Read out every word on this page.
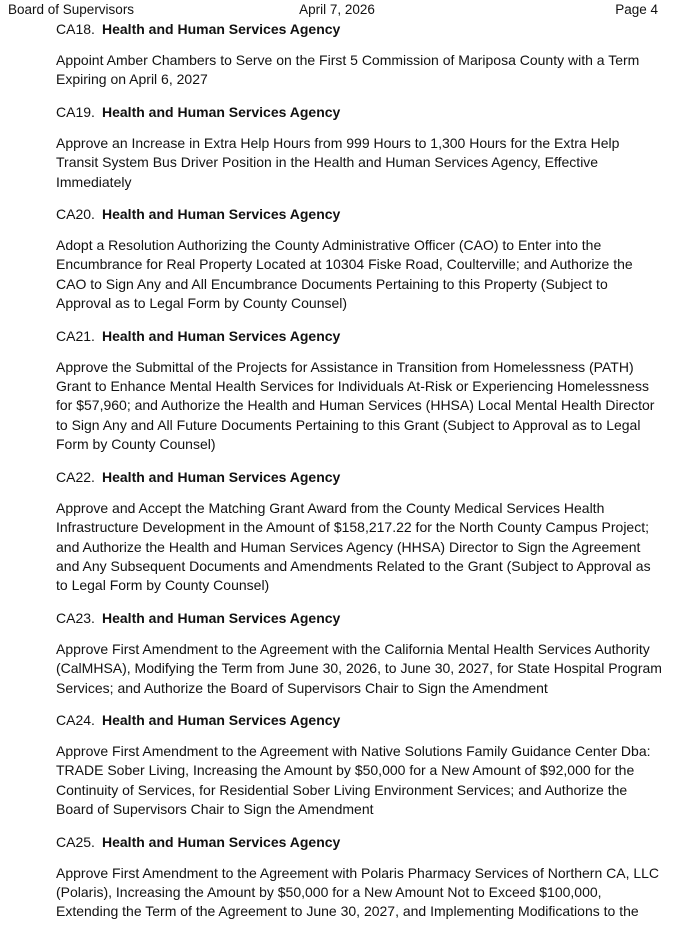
Board of Supervisors	April 7, 2026	Page 4
CA18. Health and Human Services Agency
Appoint Amber Chambers to Serve on the First 5 Commission of Mariposa County with a Term Expiring on April 6, 2027
CA19. Health and Human Services Agency
Approve an Increase in Extra Help Hours from 999 Hours to 1,300 Hours for the Extra Help Transit System Bus Driver Position in the Health and Human Services Agency, Effective Immediately
CA20. Health and Human Services Agency
Adopt a Resolution Authorizing the County Administrative Officer (CAO) to Enter into the Encumbrance for Real Property Located at 10304 Fiske Road, Coulterville; and Authorize the CAO to Sign Any and All Encumbrance Documents Pertaining to this Property (Subject to Approval as to Legal Form by County Counsel)
CA21. Health and Human Services Agency
Approve the Submittal of the Projects for Assistance in Transition from Homelessness (PATH) Grant to Enhance Mental Health Services for Individuals At-Risk or Experiencing Homelessness for $57,960; and Authorize the Health and Human Services (HHSA) Local Mental Health Director to Sign Any and All Future Documents Pertaining to this Grant (Subject to Approval as to Legal Form by County Counsel)
CA22. Health and Human Services Agency
Approve and Accept the Matching Grant Award from the County Medical Services Health Infrastructure Development in the Amount of $158,217.22 for the North County Campus Project; and Authorize the Health and Human Services Agency (HHSA) Director to Sign the Agreement and Any Subsequent Documents and Amendments Related to the Grant (Subject to Approval as to Legal Form by County Counsel)
CA23. Health and Human Services Agency
Approve First Amendment to the Agreement with the California Mental Health Services Authority (CalMHSA), Modifying the Term from June 30, 2026, to June 30, 2027, for State Hospital Program Services; and Authorize the Board of Supervisors Chair to Sign the Amendment
CA24. Health and Human Services Agency
Approve First Amendment to the Agreement with Native Solutions Family Guidance Center Dba: TRADE Sober Living, Increasing the Amount by $50,000 for a New Amount of $92,000 for the Continuity of Services, for Residential Sober Living Environment Services; and Authorize the Board of Supervisors Chair to Sign the Amendment
CA25. Health and Human Services Agency
Approve First Amendment to the Agreement with Polaris Pharmacy Services of Northern CA, LLC (Polaris), Increasing the Amount by $50,000 for a New Amount Not to Exceed $100,000, Extending the Term of the Agreement to June 30, 2027, and Implementing Modifications to the
